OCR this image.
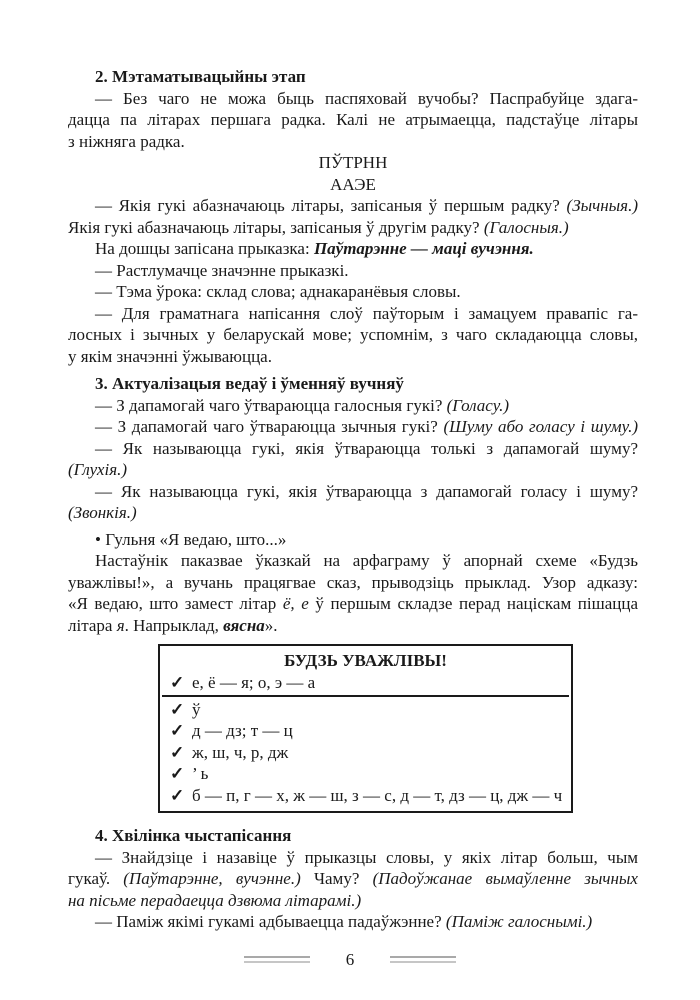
2. Мэтаматывацыйны этап
— Без чаго не можа быць паспяховай вучобы? Паспрабуйце здага-
дацца па літарах першага радка. Калі не атрымаецца, падстаўце літары
з ніжняга радка.
ПЎТРНН
ААЭЕ
— Якія гукі абазначаюць літары, запісаныя ў першым радку? (Зычныя.)
Якія гукі абазначаюць літары, запісаныя ў другім радку? (Галосныя.)
На дошцы запісана прыказка: Паўтарэнне — маці вучэння.
— Растлумачце значэнне прыказкі.
— Тэма ўрока: склад слова; аднакаранёвыя словы.
— Для граматнага напісання слоў паўторым і замацуем правапіс га-
лосных і зычных у беларускай мове; успомнім, з чаго складаюцца словы,
у якім значэнні ўжываюцца.
3. Актуалізацыя ведаў і ўменняў вучняў
— З дапамогай чаго ўтвараюцца галосныя гукі? (Голасу.)
— З дапамогай чаго ўтвараюцца зычныя гукі? (Шуму або голасу і шуму.)
— Як называюцца гукі, якія ўтвараюцца толькі з дапамогай шуму?
(Глухія.)
— Як называюцца гукі, якія ўтвараюцца з дапамогай голасу і шуму?
(Звонкія.)
• Гульня «Я ведаю, што...»
Настаўнік паказвае ўказкай на арфаграму ў апорнай схеме «Будзь
уважлівы!», а вучань працягвае сказ, прыводзіць прыклад. Узор адказу:
«Я ведаю, што замест літар ё, е ў першым складзе перад націскам пішацца
літара я. Напрыклад, вясна».
БУДЗЬ УВАЖЛІВЫ!
✓ е, ё — я; о, э — а
✓ ў
✓ д — дз; т — ц
✓ ж, ш, ч, р, дж
✓ ’ ь
✓ б — п, г — х, ж — ш, з — с, д — т, дз — ц, дж — ч
4. Хвілінка чыстапісання
— Знайдзіце і назавіце ў прыказцы словы, у якіх літар больш, чым
гукаў. (Паўтарэнне, вучэнне.) Чаму? (Падоўжанае вымаўленне зычных
на пісьме перадаецца дзвюма літарамі.)
— Паміж якімі гукамі адбываецца падаўжэнне? (Паміж галоснымі.)
6
